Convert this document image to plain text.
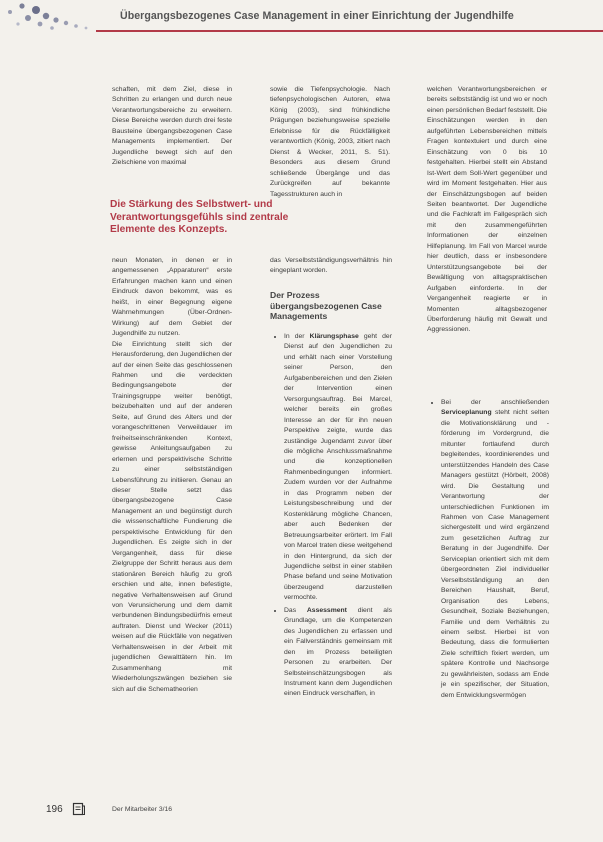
Übergangsbezogenes Case Management in einer Einrichtung der Jugendhilfe

schaften, mit dem Ziel, diese in Schritten zu erlangen und durch neue Verantwortungsbereiche zu erweitern. Diese Bereiche werden durch drei feste Bausteine übergangsbezogenen Case Managements implementiert. Der Jugendliche bewegt sich auf den Zielschiene von maximal

Die Stärkung des Selbstwert- und Verantwortungsgefühls sind zentrale Elemente des Konzepts.

sowie die Tiefenpsychologie. Nach tiefenpsychologischen Autoren, etwa König (2003), sind frühkindliche Prägungen beziehungsweise spezielle Erlebnisse für die Rückfälligkeit verantwortlich (König, 2003, zitiert nach Dienst & Wecker, 2011, S. 51). Besonders aus diesem Grund schließende Übergänge und das Zurückgreifen auf bekannte Tagesstrukturen auch in

neun Monaten, in denen er in angemessenen „Apparaturen“ erste Erfahrungen machen kann und einen Eindruck davon bekommt, was es heißt, in einer Begegnung eigene Wahrnehmungen (Über-Ordnen-Wirkung) auf dem Gebiet der Jugendhilfe zu nutzen.

Die Einrichtung stellt sich der Herausforderung, den Jugendlichen der auf der einen Seite das geschlossenen Rahmen und die verdeckten Bedingungsangebote der Trainingsgruppe weiter benötigt, beizubehalten und auf der anderen Seite, auf Grund des Alters und der vorangeschrittenen Verweildauer im freiheitseinschränkenden Kontext, gewisse Anleitungsaufgaben zu erlernen und perspektivische Schritte zu einer selbstständigen Lebensführung zu initiieren. Genau an dieser Stelle setzt das übergangsbezogene Case Management an und begünstigt durch die wissenschaftliche Fundierung die perspektivische Entwicklung für den Jugendlichen. Es zeigte sich in der Vergangenheit, dass für diese Zielgruppe der Schritt heraus aus dem stationären Bereich häufig zu groß erschien und alte, innen befestigte, negative Verhaltensweisen auf Grund von Verunsicherung und dem damit verbundenen Bindungsbedürfnis erneut auftraten. Dienst und Wecker (2011) weisen auf die Rückfälle von negativen Verhaltensweisen in der Arbeit mit jugendlichen Gewalttätern hin. Im Zusammenhang mit Wiederholungszwängen beziehen sie sich auf die Schematheorien

das Verselbstständigungsverhältnis hin eingeplant worden.

Der Prozess übergangsbezogenen Case Managements
• In der Klärungsphase geht der Dienst auf den Jugendlichen zu und erhält nach einer Vorstellung seiner Person, den Aufgabenbereichen und den Zielen der Intervention einen Versorgungsauftrag. Bei Marcel, welcher bereits ein großes Interesse an der für ihn neuen Perspektive zeigte, wurde das zuständige Jugendamt zuvor über die mögliche Anschlussmaßnahme und die konzeptionellen Rahmenbedingungen informiert. Zudem wurden vor der Aufnahme in das Programm neben der Leistungsbeschreibung und der Kostenklärung mögliche Chancen, aber auch Bedenken der Betreuungsarbeiter erörtert. Im Fall von Marcel traten diese weitgehend in den Hintergrund, da sich der Jugendliche selbst in einer stabilen Phase befand und seine Motivation überzeugend darzustellen vermochte.
• Das Assessment dient als Grundlage, um die Kompetenzen des Jugendlichen zu erfassen und ein Fallverständnis gemeinsam mit den im Prozess beteiligten Personen zu erarbeiten. Der Selbsteinschätzungsbogen als Instrument kann dem Jugendlichen einen Eindruck verschaffen, in

welchen Verantwortungsbereichen er bereits selbstständig ist und wo er noch einen persönlichen Bedarf feststellt. Die Einschätzungen werden in den aufgeführten Lebensbereichen mittels Fragen kontextuiert und durch eine Einschätzung von 0 bis 10 festgehalten. Hierbei stellt ein Abstand Ist-Wert dem Soll-Wert gegenüber und wird im Moment festgehalten. Hier aus der Einschätzungsbogen auf beiden Seiten beantwortet. Der Jugendliche und die Fachkraft im Fallgespräch sich mit den zusammengeführten Informationen der einzelnen Hilfeplanung. Im Fall von Marcel wurde hier deutlich, dass er insbesondere Unterstützungsangebote bei der Bewältigung von alltagspraktischen Aufgaben einforderte. In der Vergangenheit reagierte er in Momenten alltagsbezogener Überforderung häufig mit Gewalt und Aggressionen.

• Bei der anschließenden Serviceplanung steht nicht selten die Motivationsklärung und -förderung im Vordergrund, die mitunter fortlaufend durch begleitendes, koordinierendes und unterstützendes Handeln des Case Managers gestützt (Hörbelt, 2008) wird. Die Gestaltung und Verantwortung der unterschiedlichen Funktionen im Rahmen von Case Management sichergestellt und wird ergänzend zum gesetzlichen Auftrag zur Beratung in der Jugendhilfe. Der Serviceplan orientiert sich mit dem übergeordneten Ziel individueller Verselbstständigung an den Bereichen Haushalt, Beruf, Organisation des Lebens, Gesundheit, Soziale Beziehungen, Familie und dem Verhältnis zu einem selbst. Hierbei ist von Bedeutung, dass die formulierten Ziele schriftlich fixiert werden, um spätere Kontrolle und Nachsorge zu gewährleisten, sodass am Ende je ein spezifischer, der Situation, dem Entwicklungsvermögen
196	Der Mitarbeiter 3/16
